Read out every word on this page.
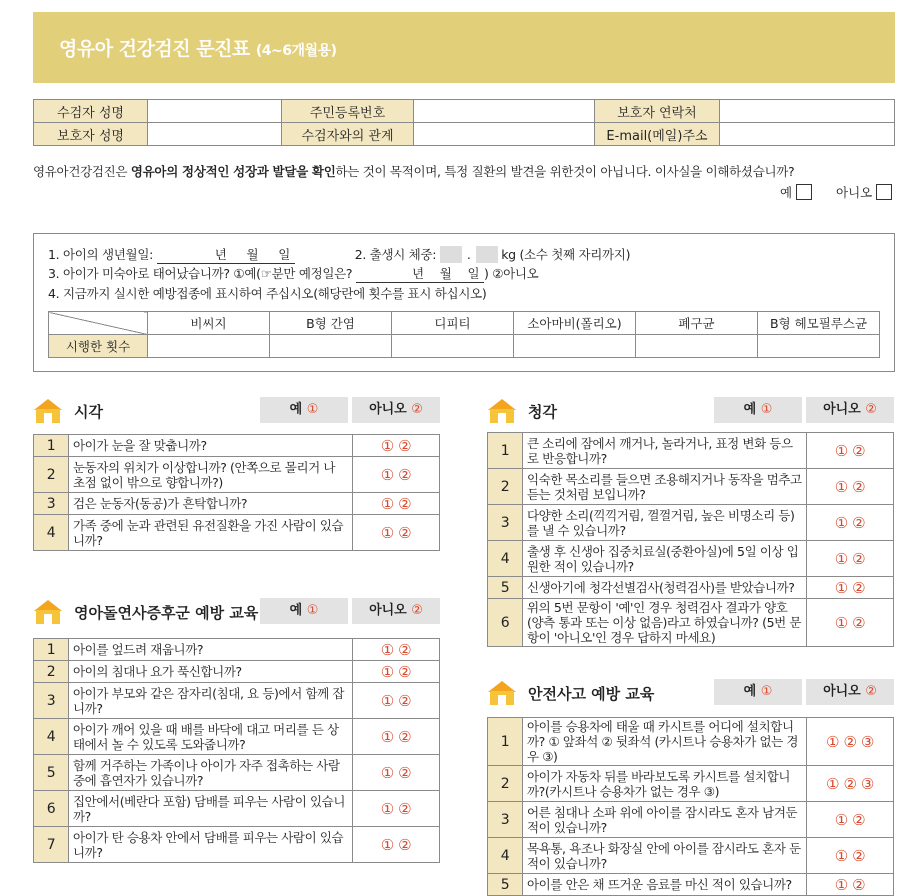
영유아 건강검진 문진표 (4~6개월용)
수검자 성명		주민등록번호		보호자 연락처	
보호자 성명		수검자와의 관계		E-mail(메일)주소	
영유아건강검진은 영유아의 정상적인 성장과 발달을 확인하는 것이 목적이며, 특정 질환의 발견을 위한것이 아닙니다. 이사실을 이해하셨습니까?
예	아니오
1. 아이의 생년월일:	년 월 일	2. 출생시 체중: . kg (소수 첫째 자리까지)
3. 아이가 미숙아로 태어났습니까? ①예(☞분만 예정일은?	년 월 일 ) ②아니오
4. 지금까지 실시한 예방접종에 표시하여 주십시오(해당란에 횟수를 표시 하십시오)
	비씨지	B형 간염	디피티	소아마비(폴리오)	폐구균	B형 헤모필루스균
시행한 횟수						
시각	예 ①	아니오 ②
1	아이가 눈을 잘 맞춥니까?	① ②
2	눈동자의 위치가 이상합니까? (안쪽으로 몰리거 나 초점 없이 밖으로 향합니까?)	① ②
3	검은 눈동자(동공)가 흔탁합니까?	① ②
4	가족 중에 눈과 관련된 유전질환을 가진 사람이 있습니까?	① ②
영아돌연사증후군 예방 교육	예 ①	아니오 ②
1	아이를 엎드려 재웁니까?	① ②
2	아이의 침대나 요가 푹신합니까?	① ②
3	아이가 부모와 같은 잠자리(침대, 요 등)에서 함께 잡니까?	① ②
4	아이가 깨어 있을 때 배를 바닥에 대고 머리를 든 상태에서 놀 수 있도록 도와줍니까?	① ②
5	함께 거주하는 가족이나 아이가 자주 접촉하는 사람 중에 흡연자가 있습니까?	① ②
6	집안에서(베란다 포함) 담배를 피우는 사람이 있습니까?	① ②
7	아이가 탄 승용차 안에서 담배를 피우는 사람이 있습니까?	① ②
청각	예 ①	아니오 ②
1	큰 소리에 잠에서 깨거나, 놀라거나, 표정 변화 등으로 반응합니까?	① ②
2	익숙한 목소리를 들으면 조용해지거나 동작을 멈추고 듣는 것처럼 보입니까?	① ②
3	다양한 소리(끽끽거림, 껄껄거림, 높은 비명소리 등)를 낼 수 있습니까?	① ②
4	출생 후 신생아 집중치료실(중환아실)에 5일 이상 입원한 적이 있습니까?	① ②
5	신생아기에 청각선별검사(청력검사)를 받았습니까?	① ②
6	위의 5번 문항이 '예'인 경우 청력검사 결과가 양호(양측 통과 또는 이상 없음)라고 하였습니까? (5번 문항이 '아니오'인 경우 답하지 마세요)	① ②
안전사고 예방 교육	예 ①	아니오 ②
1	아이를 승용차에 태울 때 카시트를 어디에 설치합니까? ① 앞좌석 ② 뒷좌석 (카시트나 승용차가 없는 경우 ③)	① ② ③
2	아이가 자동차 뒤를 바라보도록 카시트를 설치합니까?(카시트나 승용차가 없는 경우 ③)	① ② ③
3	어른 침대나 소파 위에 아이를 잠시라도 혼자 남겨둔 적이 있습니까?	① ②
4	목욕통, 욕조나 화장실 안에 아이를 잠시라도 혼자 둔 적이 있습니까?	① ②
5	아이를 안은 채 뜨거운 음료를 마신 적이 있습니까?	① ②
